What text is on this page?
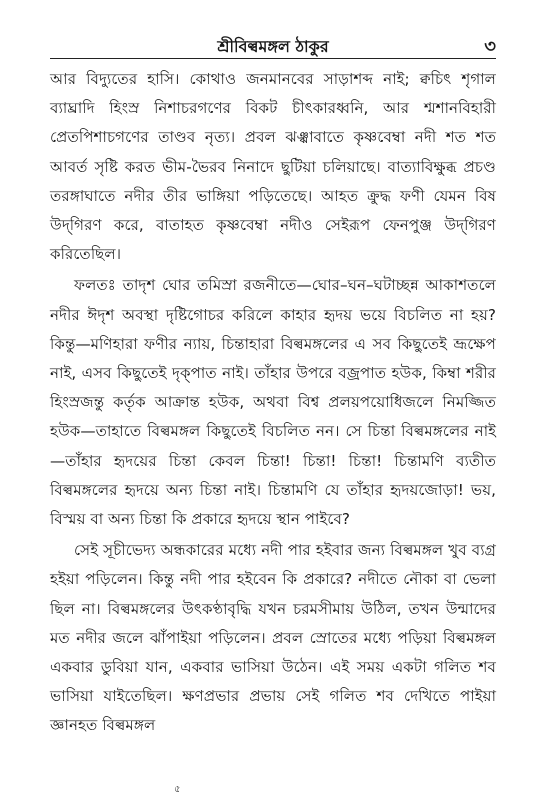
শ্রীবিল্বমঙ্গল ঠাকুর	৩

আর বিদ্যুতের হাসি। কোথাও জনমানবের সাড়াশব্দ নাই; ক্বচিৎ শৃগাল ব্যাঘ্রাদি হিংস্র নিশাচরগণের বিকট চীৎকারধ্বনি, আর শ্মশানবিহারী প্রেতপিশাচগণের তাণ্ডব নৃত্য। প্রবল ঝঞ্ঝাবাতে কৃষ্ণবেম্বা নদী শত শত আবর্ত সৃষ্টি করত ভীম-ভৈরব নিনাদে ছুটিয়া চলিয়াছে। বাত্যাবিক্ষুব্ধ প্রচণ্ড তরঙ্গাঘাতে নদীর তীর ভাঙ্গিয়া পড়িতেছে। আহত ক্রুদ্ধ ফণী যেমন বিষ উদ্‌গিরণ করে, বাতাহত কৃষ্ণবেম্বা নদীও সেইরূপ ফেনপুঞ্জ উদ্‌গিরণ করিতেছিল।

ফলতঃ তাদৃশ ঘোর তমিস্রা রজনীতে—ঘোর–ঘন–ঘটাচ্ছন্ন আকাশতলে নদীর ঈদৃশ অবস্থা দৃষ্টিগোচর করিলে কাহার হৃদয় ভয়ে বিচলিত না হয়? কিন্তু—মণিহারা ফণীর ন্যায়, চিন্তাহারা বিল্বমঙ্গলের এ সব কিছুতেই ভ্রূক্ষেপ নাই, এসব কিছুতেই দৃক্‌পাত নাই। তাঁহার উপরে বজ্রপাত হউক, কিম্বা শরীর হিংস্রজন্তু কর্তৃক আক্রান্ত হউক, অথবা বিশ্ব প্রলয়পয়োধিজলে নিমজ্জিত হউক—তাহাতে বিল্বমঙ্গল কিছুতেই বিচলিত নন। সে চিন্তা বিল্বমঙ্গলের নাই —তাঁহার হৃদয়ের চিন্তা কেবল চিন্তা! চিন্তা! চিন্তা! চিন্তামণি ব্যতীত বিল্বমঙ্গলের হৃদয়ে অন্য চিন্তা নাই। চিন্তামণি যে তাঁহার হৃদয়জোড়া! ভয়, বিস্ময় বা অন্য চিন্তা কি প্রকারে হৃদয়ে স্থান পাইবে?

সেই সূচীভেদ্য অন্ধকারের মধ্যে নদী পার হইবার জন্য বিল্বমঙ্গল খুব ব্যগ্র হইয়া পড়িলেন। কিন্তু নদী পার হইবেন কি প্রকারে? নদীতে নৌকা বা ভেলা ছিল না। বিল্বমঙ্গলের উৎকণ্ঠাবৃদ্ধি যখন চরমসীমায় উঠিল, তখন উন্মাদের মত নদীর জলে ঝাঁপাইয়া পড়িলেন। প্রবল স্রোতের মধ্যে পড়িয়া বিল্বমঙ্গল একবার ডুবিয়া যান, একবার ভাসিয়া উঠেন। এই সময় একটা গলিত শব ভাসিয়া যাইতেছিল। ক্ষণপ্রভার প্রভায় সেই গলিত শব দেখিতে পাইয়া জ্ঞানহত বিল্বমঙ্গল

৫
